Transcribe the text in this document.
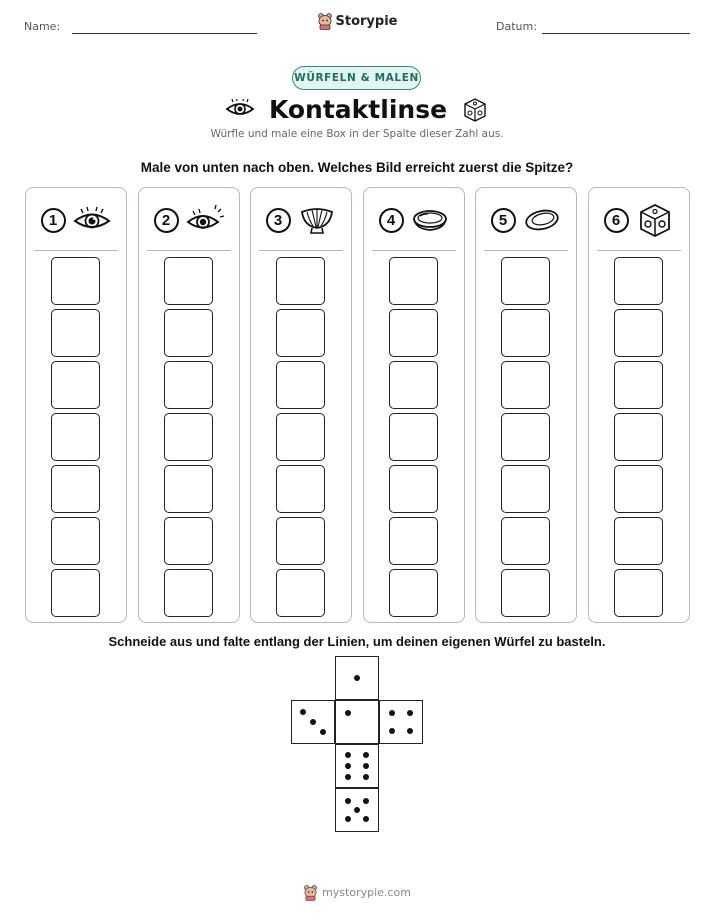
Name:	Storypie	Datum:
WÜRFELN & MALEN
Kontaktlinse
Würfle und male eine Box in der Spalte dieser Zahl aus.
Male von unten nach oben. Welches Bild erreicht zuerst die Spitze?
1	2	3	4	5	6
Schneide aus und falte entlang der Linien, um deinen eigenen Würfel zu basteln.
mystorypie.com
